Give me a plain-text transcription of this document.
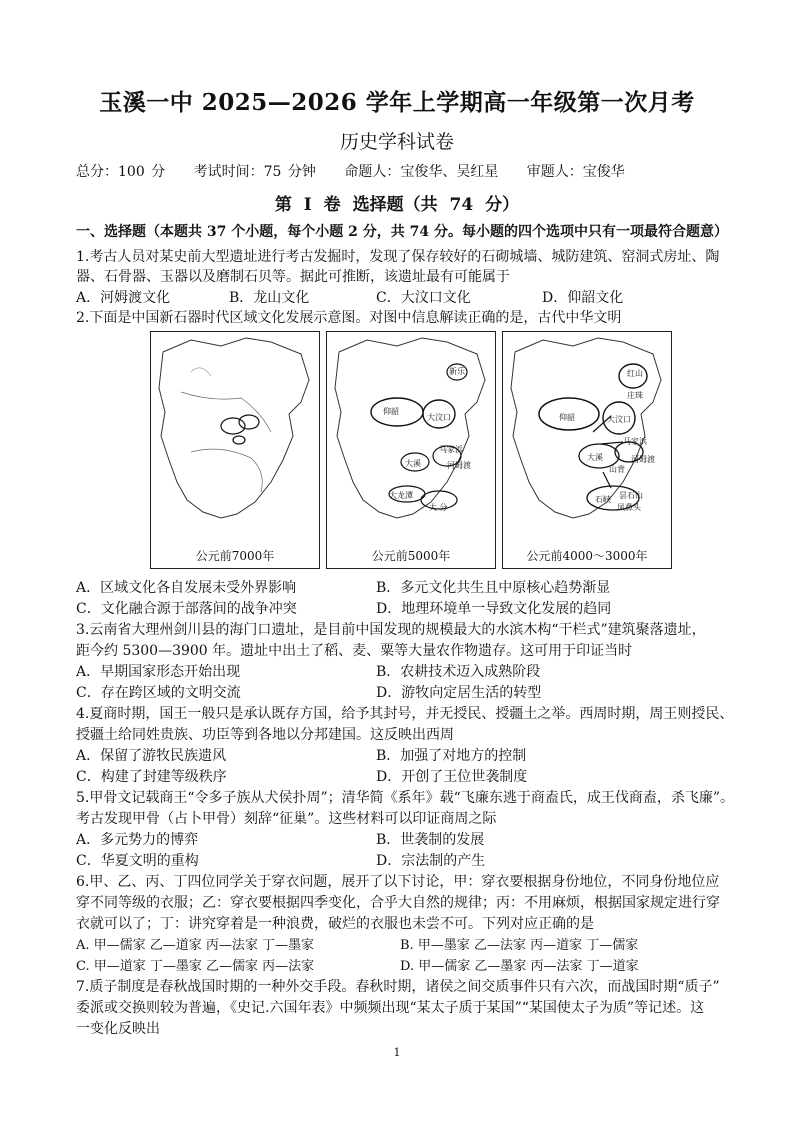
玉溪一中 2025—2026 学年上学期高一年级第一次月考
历史学科试卷
总分：100 分 考试时间：75 分钟 命题人：宝俊华、吴红星 审题人：宝俊华
第 I 卷 选择题（共 74 分）
一、选择题（本题共 37 个小题，每个小题 2 分，共 74 分。每小题的四个选项中只有一项最符合题意）
1.考古人员对某史前大型遗址进行考古发掘时，发现了保存较好的石砌城墙、城防建筑、窑洞式房址、陶
器、石骨器、玉器以及磨制石贝等。据此可推断，该遗址最有可能属于
A．河姆渡文化	B．龙山文化	C．大汶口文化	D．仰韶文化
2.下面是中国新石器时代区域文化发展示意图。对图中信息解读正确的是，古代中华文明
公元前7000年
新乐
仰韶
大汶口
马家浜
大溪	河姆渡
大龙潭
大 分
公元前5000年
红山
仰韶	大汶口
庄珠
马家浜
大溪
山背
河姆渡
石峡 昙石山
凤鼻头
公元前4000～3000年
A．区域文化各自发展未受外界影响	B．多元文化共生且中原核心趋势渐显
C．文化融合源于部落间的战争冲突	D．地理环境单一导致文化发展的趋同
3.云南省大理州剑川县的海门口遗址，是目前中国发现的规模最大的水滨木构“干栏式”建筑聚落遗址，
距今约 5300—3900 年。遗址中出土了稻、麦、粟等大量农作物遗存。这可用于印证当时
A．早期国家形态开始出现	B．农耕技术迈入成熟阶段
C．存在跨区域的文明交流	D．游牧向定居生活的转型
4.夏商时期，国王一般只是承认既存方国，给予其封号，并无授民、授疆土之举。西周时期，周王则授民、
授疆土给同姓贵族、功臣等到各地以分邦建国。这反映出西周
A．保留了游牧民族遗风	B．加强了对地方的控制
C．构建了封建等级秩序	D．开创了王位世袭制度
5.甲骨文记载商王“令多子族从犬侯扑周”；清华简《系年》载“飞廉东逃于商盍氏，成王伐商盍，杀飞廉”。
考古发现甲骨（占卜甲骨）刻辞“征巢”。这些材料可以印证商周之际
A．多元势力的博弈	B．世袭制的发展
C．华夏文明的重构	D．宗法制的产生
6.甲、乙、丙、丁四位同学关于穿衣问题，展开了以下讨论，甲：穿衣要根据身份地位，不同身份地位应
穿不同等级的衣服；乙：穿衣要根据四季变化，合乎大自然的规律；丙：不用麻烦，根据国家规定进行穿
衣就可以了；丁：讲究穿着是一种浪费，破烂的衣服也未尝不可。下列对应正确的是
A. 甲—儒家 乙—道家 丙—法家 丁—墨家	B. 甲—墨家 乙—法家 丙—道家 丁—儒家
C. 甲—道家 丁—墨家 乙—儒家 丙—法家	D. 甲—儒家 乙—墨家 丙—法家 丁—道家
7.质子制度是春秋战国时期的一种外交手段。春秋时期，诸侯之间交质事件只有六次，而战国时期“质子”
委派或交换则较为普遍，《史记.六国年表》中频频出现“某太子质于某国”“某国使太子为质”等记述。这
一变化反映出
1
